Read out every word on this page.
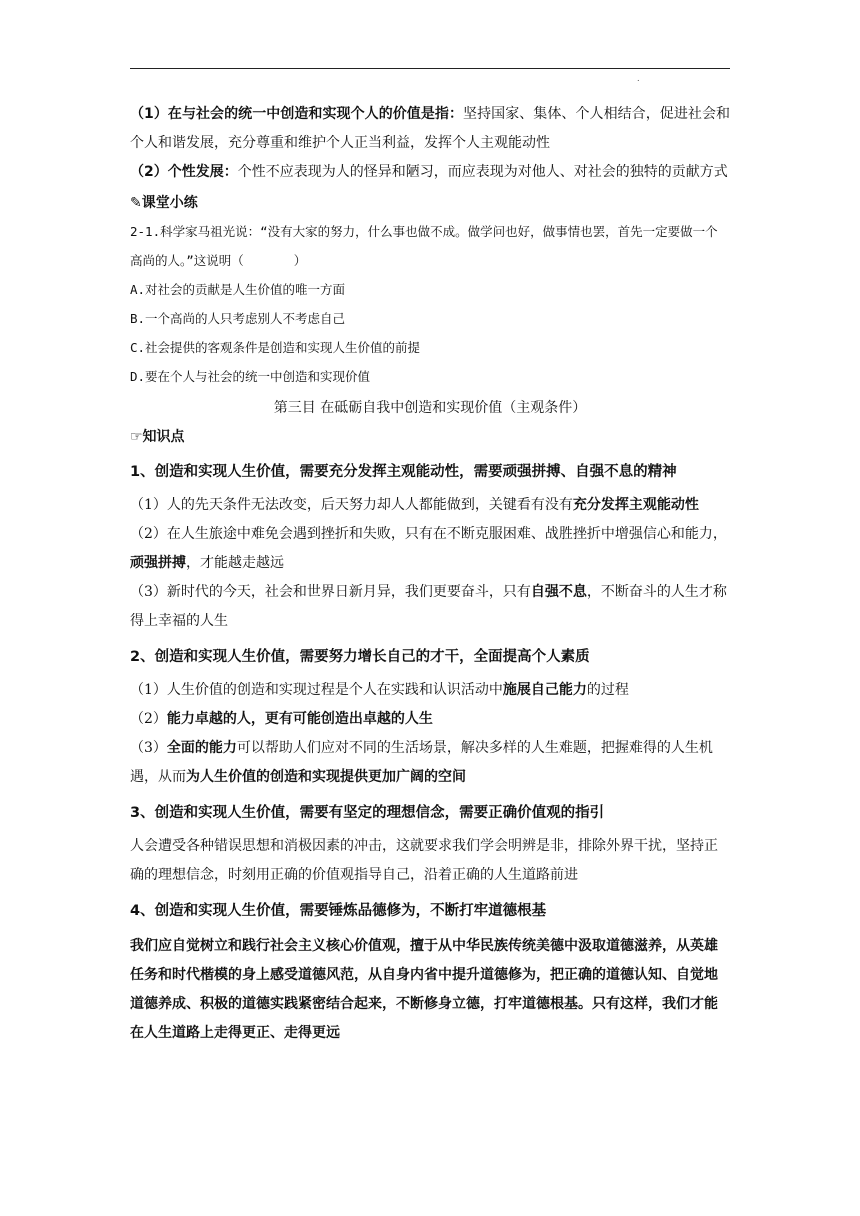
.

（1）在与社会的统一中创造和实现个人的价值是指：坚持国家、集体、个人相结合，促进社会和个人和谐发展，充分尊重和维护个人正当利益，发挥个人主观能动性

（2）个性发展：个性不应表现为人的怪异和陋习，而应表现为对他人、对社会的独特的贡献方式

✎课堂小练
2-1.科学家马祖光说：“没有大家的努力，什么事也做不成。做学问也好，做事情也罢，首先一定要做一个高尚的人。”这说明（　　　　）
A.对社会的贡献是人生价值的唯一方面B.一个高尚的人只考虑别人不考虑自己
C.社会提供的客观条件是创造和实现人生价值的前提D.要在个人与社会的统一中创造和实现价值
第三目 在砥砺自我中创造和实现价值（主观条件）
☞知识点
1、创造和实现人生价值，需要充分发挥主观能动性，需要顽强拼搏、自强不息的精神

（1）人的先天条件无法改变，后天努力却人人都能做到，关键看有没有充分发挥主观能动性

（2）在人生旅途中难免会遇到挫折和失败，只有在不断克服困难、战胜挫折中增强信心和能力，顽强拼搏，才能越走越远

（3）新时代的今天，社会和世界日新月异，我们更要奋斗，只有自强不息，不断奋斗的人生才称得上幸福的人生

2、创造和实现人生价值，需要努力增长自己的才干，全面提高个人素质

（1）人生价值的创造和实现过程是个人在实践和认识活动中施展自己能力的过程

（2）能力卓越的人，更有可能创造出卓越的人生

（3）全面的能力可以帮助人们应对不同的生活场景，解决多样的人生难题，把握难得的人生机遇，从而为人生价值的创造和实现提供更加广阔的空间

3、创造和实现人生价值，需要有坚定的理想信念，需要正确价值观的指引

人会遭受各种错误思想和消极因素的冲击，这就要求我们学会明辨是非，排除外界干扰，坚持正确的理想信念，时刻用正确的价值观指导自己，沿着正确的人生道路前进

4、创造和实现人生价值，需要锤炼品德修为，不断打牢道德根基

我们应自觉树立和践行社会主义核心价值观，擅于从中华民族传统美德中汲取道德滋养，从英雄任务和时代楷模的身上感受道德风范，从自身内省中提升道德修为，把正确的道德认知、自觉地道德养成、积极的道德实践紧密结合起来，不断修身立德，打牢道德根基。只有这样，我们才能在人生道路上走得更正、走得更远
